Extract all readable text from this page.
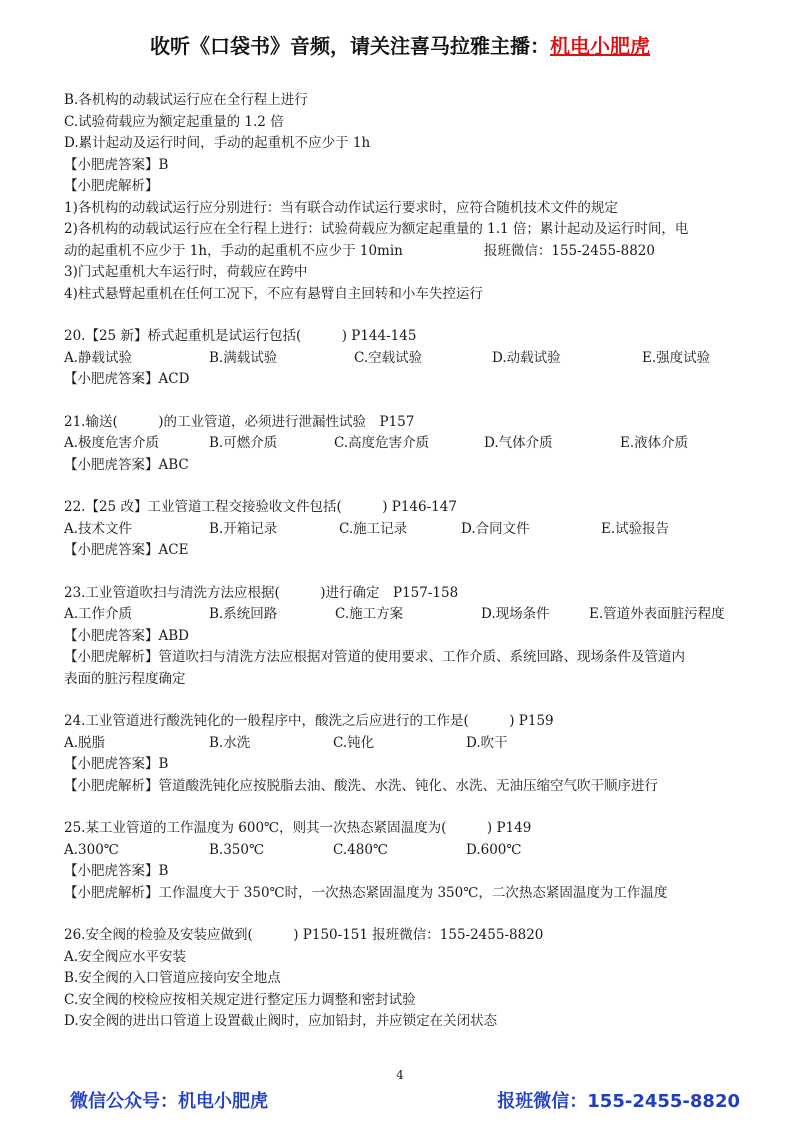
收听《口袋书》音频，请关注喜马拉雅主播：机电小肥虎
B.各机构的动载试运行应在全行程上进行
C.试验荷载应为额定起重量的 1.2 倍
D.累计起动及运行时间，手动的起重机不应少于 1h
【小肥虎答案】B
【小肥虎解析】
1)各机构的动载试运行应分别进行：当有联合动作试运行要求时，应符合随机技术文件的规定
2)各机构的动载试运行应在全行程上进行：试验荷载应为额定起重量的 1.1 倍；累计起动及运行时间，电
动的起重机不应少于 1h，手动的起重机不应少于 10min　　　　　　报班微信：155-2455-8820
3)门式起重机大车运行时，荷载应在跨中
4)柱式悬臂起重机在任何工况下，不应有悬臂自主回转和小车失控运行
20.【25 新】桥式起重机是试运行包括(　　　) P144-145
A.静载试验	B.满载试验	C.空载试验	D.动载试验	E.强度试验
【小肥虎答案】ACD
21.输送(　　　)的工业管道，必须进行泄漏性试验　P157
A.极度危害介质	B.可燃介质	C.高度危害介质	D.气体介质	E.液体介质
【小肥虎答案】ABC
22.【25 改】工业管道工程交接验收文件包括(　　　) P146-147
A.技术文件	B.开箱记录	C.施工记录	D.合同文件	E.试验报告
【小肥虎答案】ACE
23.工业管道吹扫与清洗方法应根据(　　　)进行确定　P157-158
A.工作介质	B.系统回路	C.施工方案	D.现场条件	E.管道外表面脏污程度
【小肥虎答案】ABD
【小肥虎解析】管道吹扫与清洗方法应根据对管道的使用要求、工作介质、系统回路、现场条件及管道内
表面的脏污程度确定
24.工业管道进行酸洗钝化的一般程序中，酸洗之后应进行的工作是(　　　) P159
A.脱脂	B.水洗	C.钝化	D.吹干
【小肥虎答案】B
【小肥虎解析】管道酸洗钝化应按脱脂去油、酸洗、水洗、钝化、水洗、无油压缩空气吹干顺序进行
25.某工业管道的工作温度为 600℃，则其一次热态紧固温度为(　　　) P149
A.300℃	B.350℃	C.480℃	D.600℃
【小肥虎答案】B
【小肥虎解析】工作温度大于 350℃时，一次热态紧固温度为 350℃，二次热态紧固温度为工作温度
26.安全阀的检验及安装应做到(　　　) P150-151 报班微信：155-2455-8820
A.安全阀应水平安装
B.安全阀的入口管道应接向安全地点
C.安全阀的校检应按相关规定进行整定压力调整和密封试验
D.安全阀的进出口管道上设置截止阀时，应加铅封，并应锁定在关闭状态
4
微信公众号：机电小肥虎	报班微信：155-2455-8820
